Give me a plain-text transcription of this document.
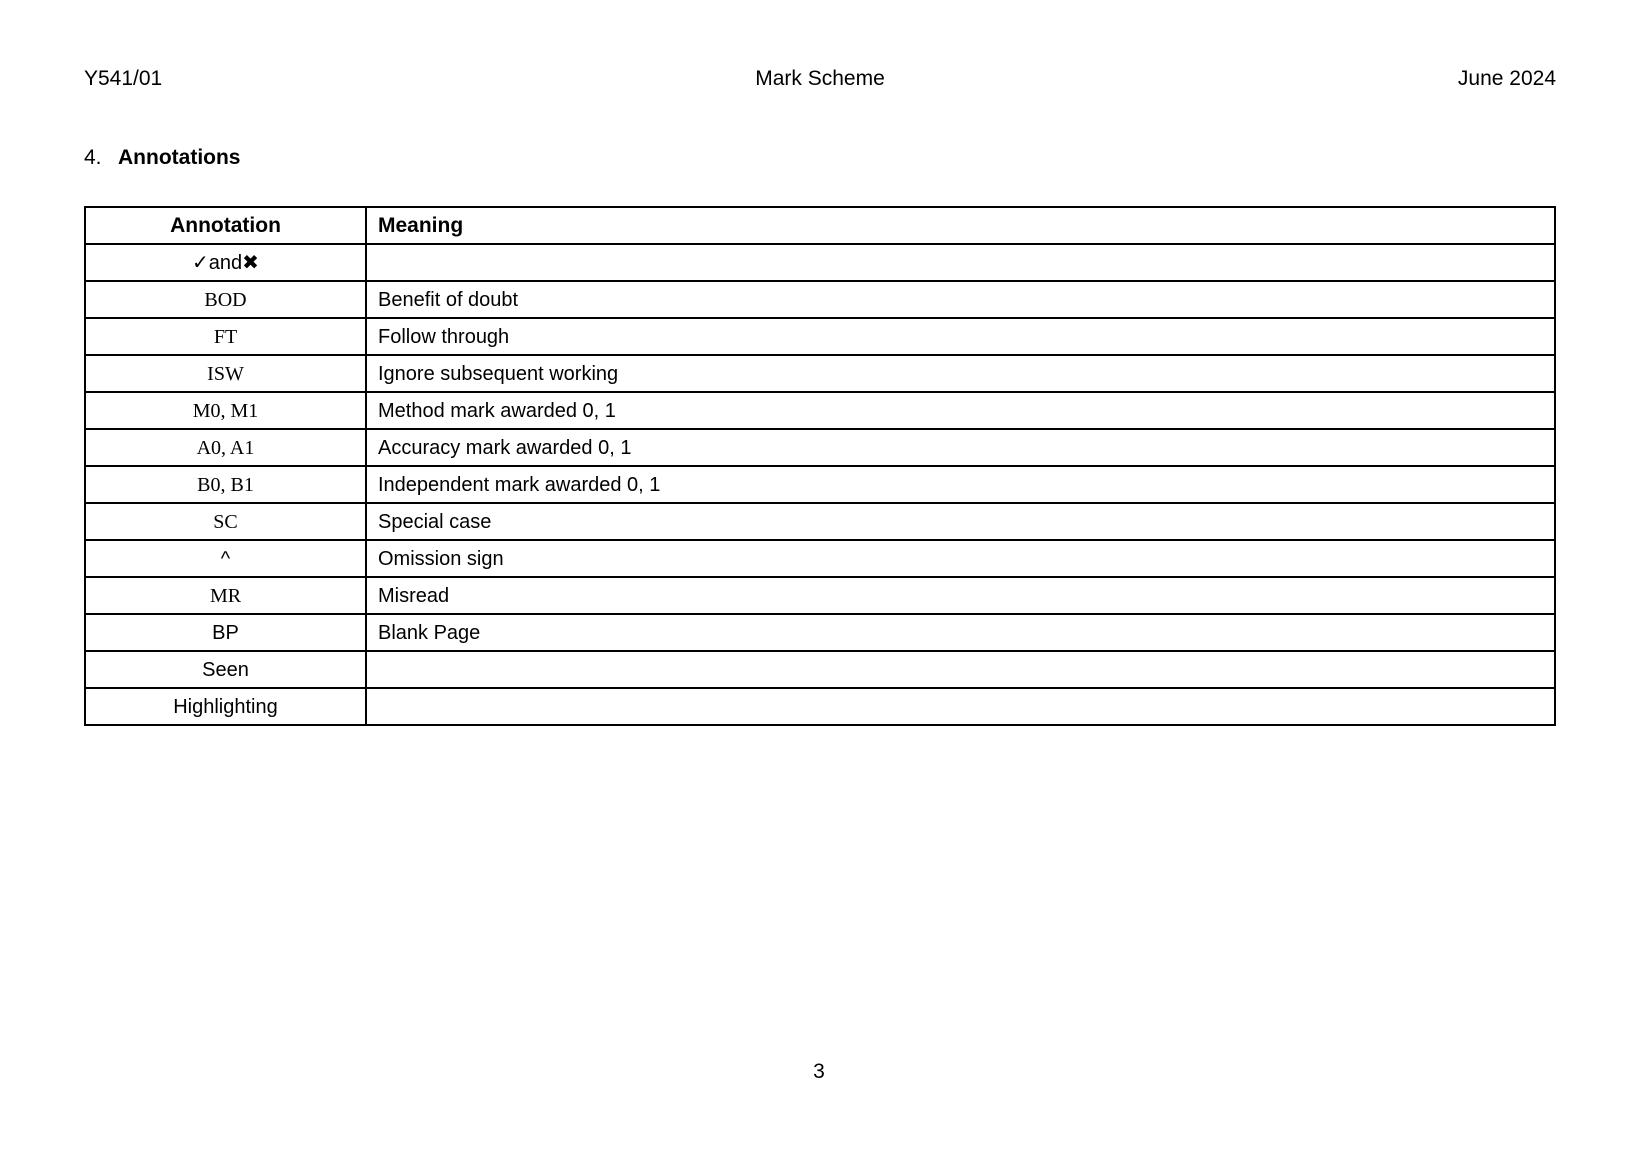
Y541/01	Mark Scheme	June 2024
4. Annotations
Annotation	Meaning
✓and✖	
BOD	Benefit of doubt
FT	Follow through
ISW	Ignore subsequent working
M0, M1	Method mark awarded 0, 1
A0, A1	Accuracy mark awarded 0, 1
B0, B1	Independent mark awarded 0, 1
SC	Special case
^	Omission sign
MR	Misread
BP	Blank Page
Seen	
Highlighting	
3
